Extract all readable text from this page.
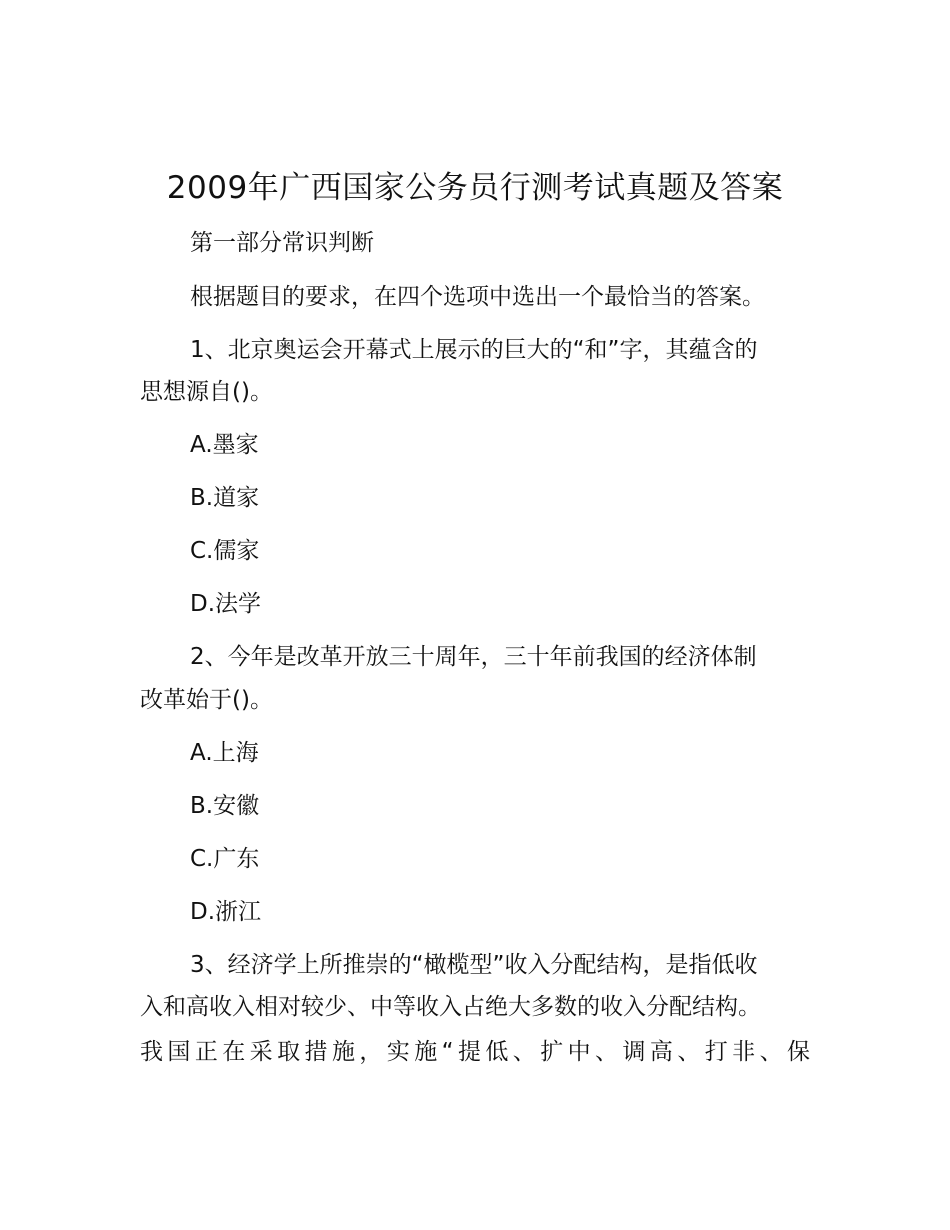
2009年广西国家公务员行测考试真题及答案

第一部分常识判断

根据题目的要求，在四个选项中选出一个最恰当的答案。

1、北京奥运会开幕式上展示的巨大的“和”字，其蕴含的

思想源自()。

A.墨家

B.道家

C.儒家

D.法学

2、今年是改革开放三十周年，三十年前我国的经济体制

改革始于()。

A.上海

B.安徽

C.广东

D.浙江

3、经济学上所推崇的“橄榄型”收入分配结构，是指低收

入和高收入相对较少、中等收入占绝大多数的收入分配结构。

我国正在采取措施，实施“提低、扩中、调高、打非、保
